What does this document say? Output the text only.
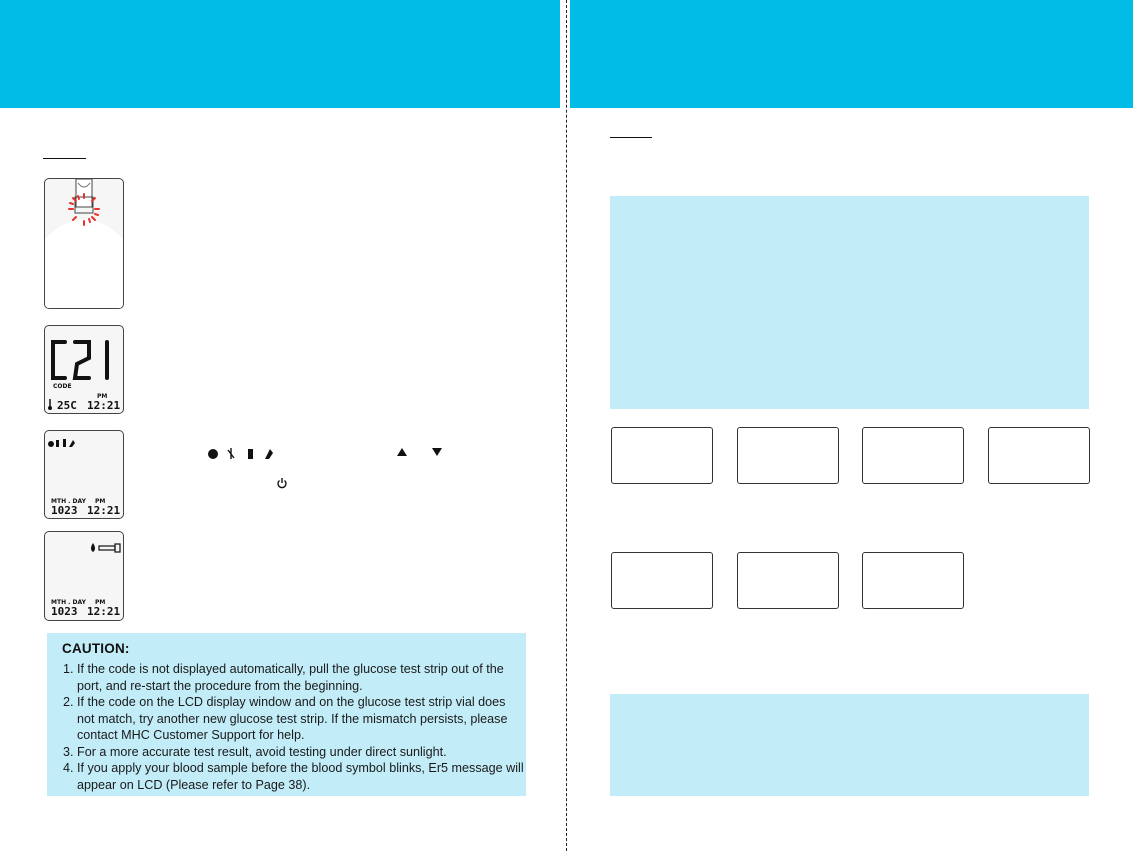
CODE
PM
25C 12:21
MTH . DAY PM
1023 12:21
MTH . DAY PM
1023 12:21
CAUTION:
1. If the code is not displayed automatically, pull the glucose test strip out of the port, and re-start the procedure from the beginning.
2. If the code on the LCD display window and on the glucose test strip vial does not match, try another new glucose test strip. If the mismatch persists, please contact MHC Customer Support for help.
3. For a more accurate test result, avoid testing under direct sunlight.
4. If you apply your blood sample before the blood symbol blinks, Er5 message will appear on LCD (Please refer to Page 38).
